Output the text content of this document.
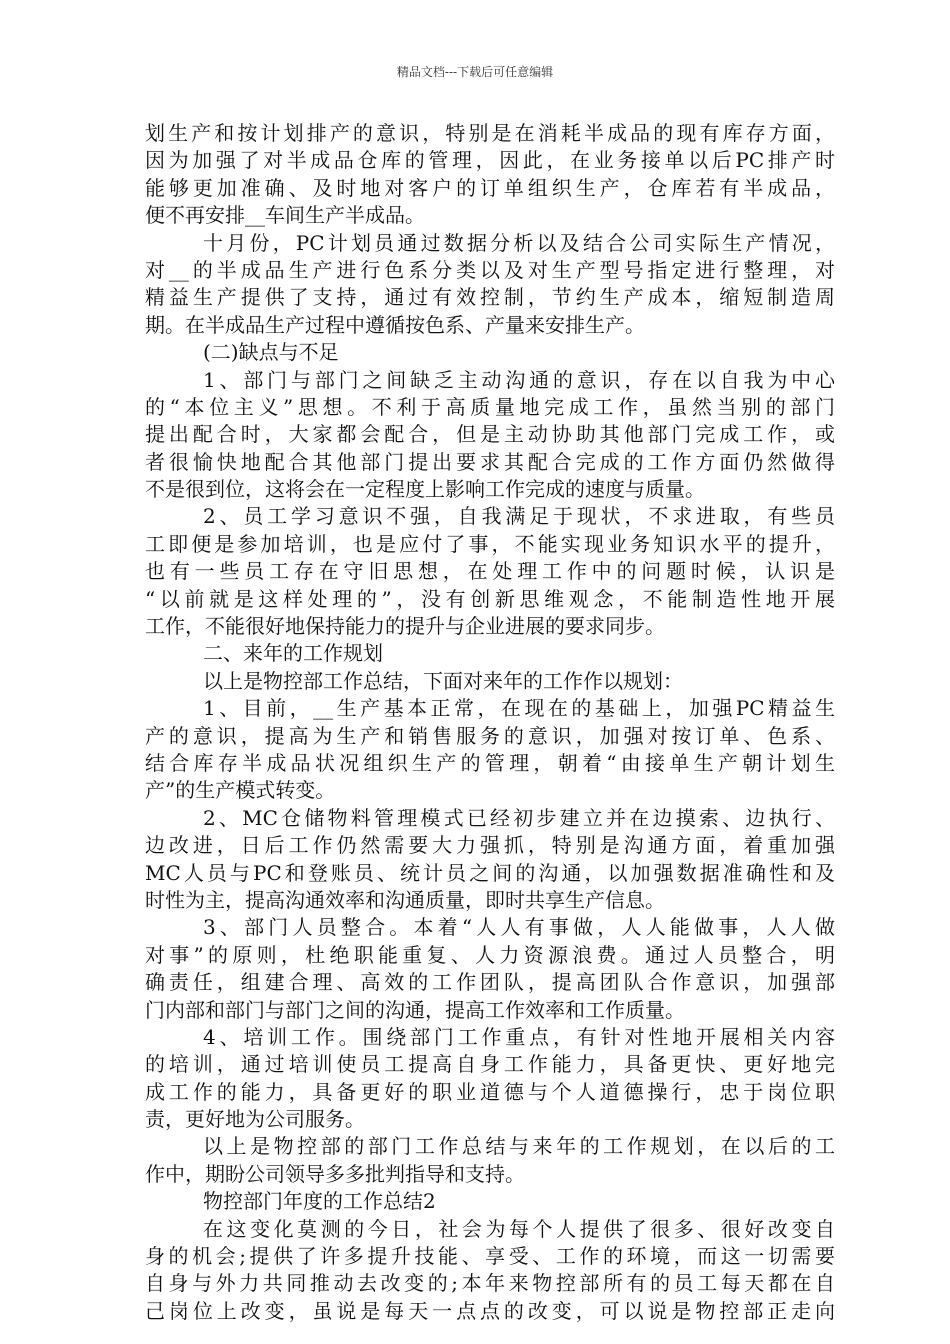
精品文档---下载后可任意编辑
划生产和按计划排产的意识，特别是在消耗半成品的现有库存方面，
因为加强了对半成品仓库的管理，因此，在业务接单以后PC排产时
能够更加准确、及时地对客户的订单组织生产，仓库若有半成品，
便不再安排__车间生产半成品。
十月份，PC计划员通过数据分析以及结合公司实际生产情况，
对__的半成品生产进行色系分类以及对生产型号指定进行整理，对
精益生产提供了支持，通过有效控制，节约生产成本，缩短制造周
期。在半成品生产过程中遵循按色系、产量来安排生产。
(二)缺点与不足
1、部门与部门之间缺乏主动沟通的意识，存在以自我为中心
的“本位主义”思想。不利于高质量地完成工作，虽然当别的部门
提出配合时，大家都会配合，但是主动协助其他部门完成工作，或
者很愉快地配合其他部门提出要求其配合完成的工作方面仍然做得
不是很到位，这将会在一定程度上影响工作完成的速度与质量。
2、员工学习意识不强，自我满足于现状，不求进取，有些员
工即便是参加培训，也是应付了事，不能实现业务知识水平的提升，
也有一些员工存在守旧思想，在处理工作中的问题时候，认识是
“以前就是这样处理的”，没有创新思维观念，不能制造性地开展
工作，不能很好地保持能力的提升与企业进展的要求同步。
二、来年的工作规划
以上是物控部工作总结，下面对来年的工作作以规划：
1、目前，__生产基本正常，在现在的基础上，加强PC精益生
产的意识，提高为生产和销售服务的意识，加强对按订单、色系、
结合库存半成品状况组织生产的管理，朝着“由接单生产朝计划生
产”的生产模式转变。
2、MC仓储物料管理模式已经初步建立并在边摸索、边执行、
边改进，日后工作仍然需要大力强抓，特别是沟通方面，着重加强
MC人员与PC和登账员、统计员之间的沟通，以加强数据准确性和及
时性为主，提高沟通效率和沟通质量，即时共享生产信息。
3、部门人员整合。本着“人人有事做，人人能做事，人人做
对事”的原则，杜绝职能重复、人力资源浪费。通过人员整合，明
确责任，组建合理、高效的工作团队，提高团队合作意识，加强部
门内部和部门与部门之间的沟通，提高工作效率和工作质量。
4、培训工作。围绕部门工作重点，有针对性地开展相关内容
的培训，通过培训使员工提高自身工作能力，具备更快、更好地完
成工作的能力，具备更好的职业道德与个人道德操行，忠于岗位职
责，更好地为公司服务。
以上是物控部的部门工作总结与来年的工作规划，在以后的工
作中，期盼公司领导多多批判指导和支持。
物控部门年度的工作总结2
在这变化莫测的今日，社会为每个人提供了很多、很好改变自
身的机会;提供了许多提升技能、享受、工作的环境，而这一切需要
自身与外力共同推动去改变的;本年来物控部所有的员工每天都在自
己岗位上改变，虽说是每天一点点的改变，可以说是物控部正走向
